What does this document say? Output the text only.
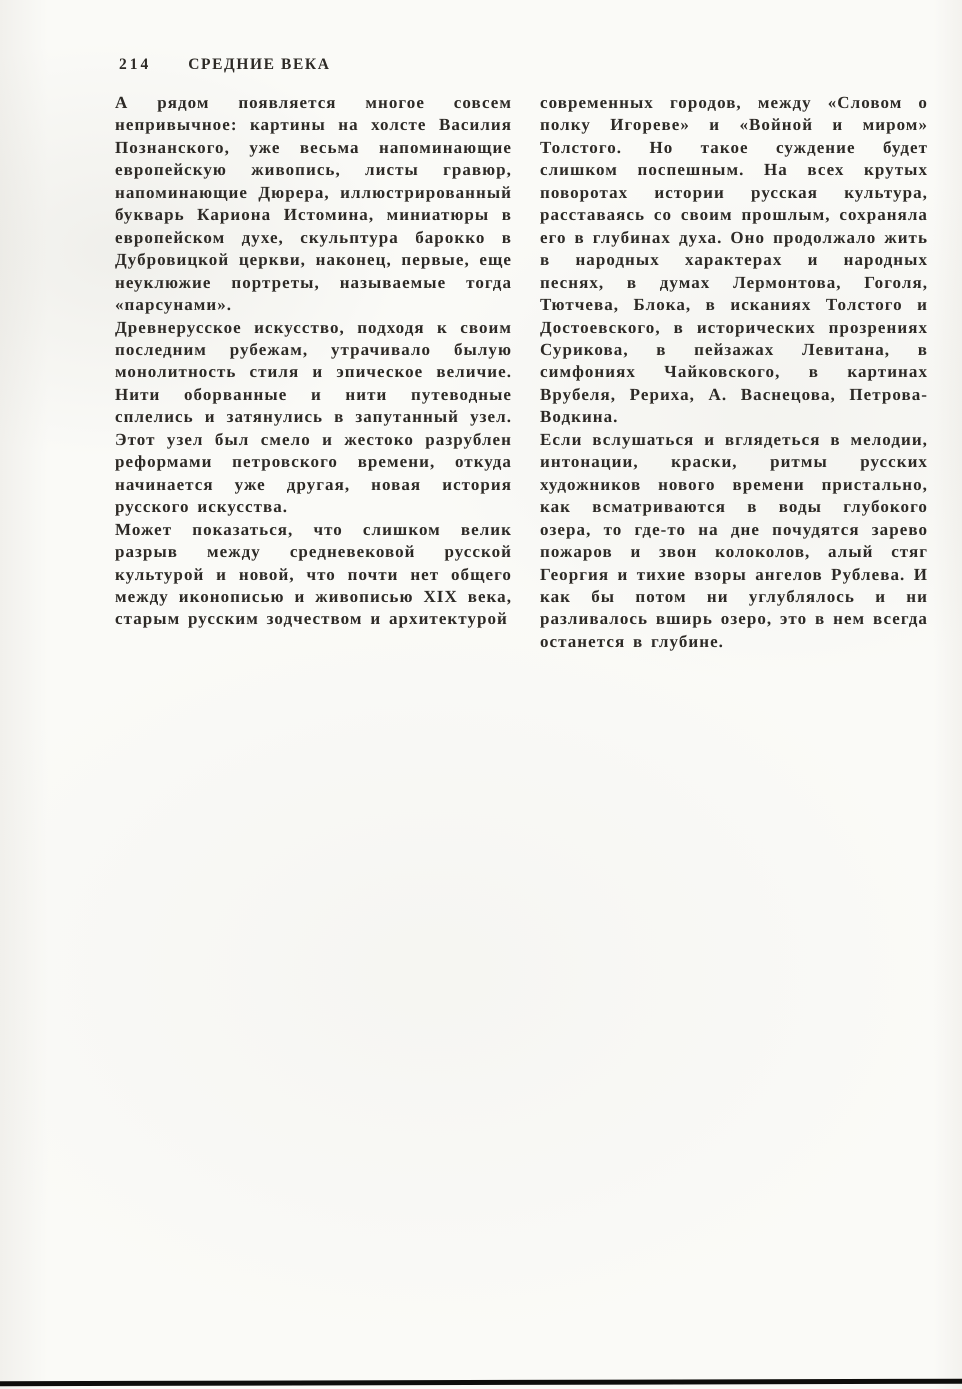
214 СРЕДНИЕ ВЕКА

А рядом появляется многое совсем непривычное: картины на холсте Василия Познанского, уже весьма напоминающие европейскую живопись, листы гравюр, напоминающие Дюрера, иллюстрированный букварь Кариона Истомина, миниатюры в европейском духе, скульптура барокко в Дубровицкой церкви, наконец, первые, еще неуклюжие портреты, называемые тогда «парсунами».

Древнерусское искусство, подходя к своим последним рубежам, утрачивало былую монолитность стиля и эпическое величие. Нити оборванные и нити путеводные сплелись и затянулись в запутанный узел. Этот узел был смело и жестоко разрублен реформами петровского времени, откуда начинается уже другая, новая история русского искусства.

Может показаться, что слишком велик разрыв между средневековой русской культурой и новой, что почти нет общего между иконописью и живописью XIX века, старым русским зодчеством и архитектурой

современных городов, между «Словом о полку Игореве» и «Войной и миром» Толстого. Но такое суждение будет слишком поспешным. На всех крутых поворотах истории русская культура, расставаясь со своим прошлым, сохраняла его в глубинах духа. Оно продолжало жить в народных характерах и народных песнях, в думах Лермонтова, Гоголя, Тютчева, Блока, в исканиях Толстого и Достоевского, в исторических прозрениях Сурикова, в пейзажах Левитана, в симфониях Чайковского, в картинах Врубеля, Рериха, А. Васнецова, Петрова-Водкина.

Если вслушаться и вглядеться в мелодии, интонации, краски, ритмы русских художников нового времени пристально, как всматриваются в воды глубокого озера, то где-то на дне почудятся зарево пожаров и звон колоколов, алый стяг Георгия и тихие взоры ангелов Рублева. И как бы потом ни углублялось и ни разливалось вширь озеро, это в нем всегда останется в глубине.
